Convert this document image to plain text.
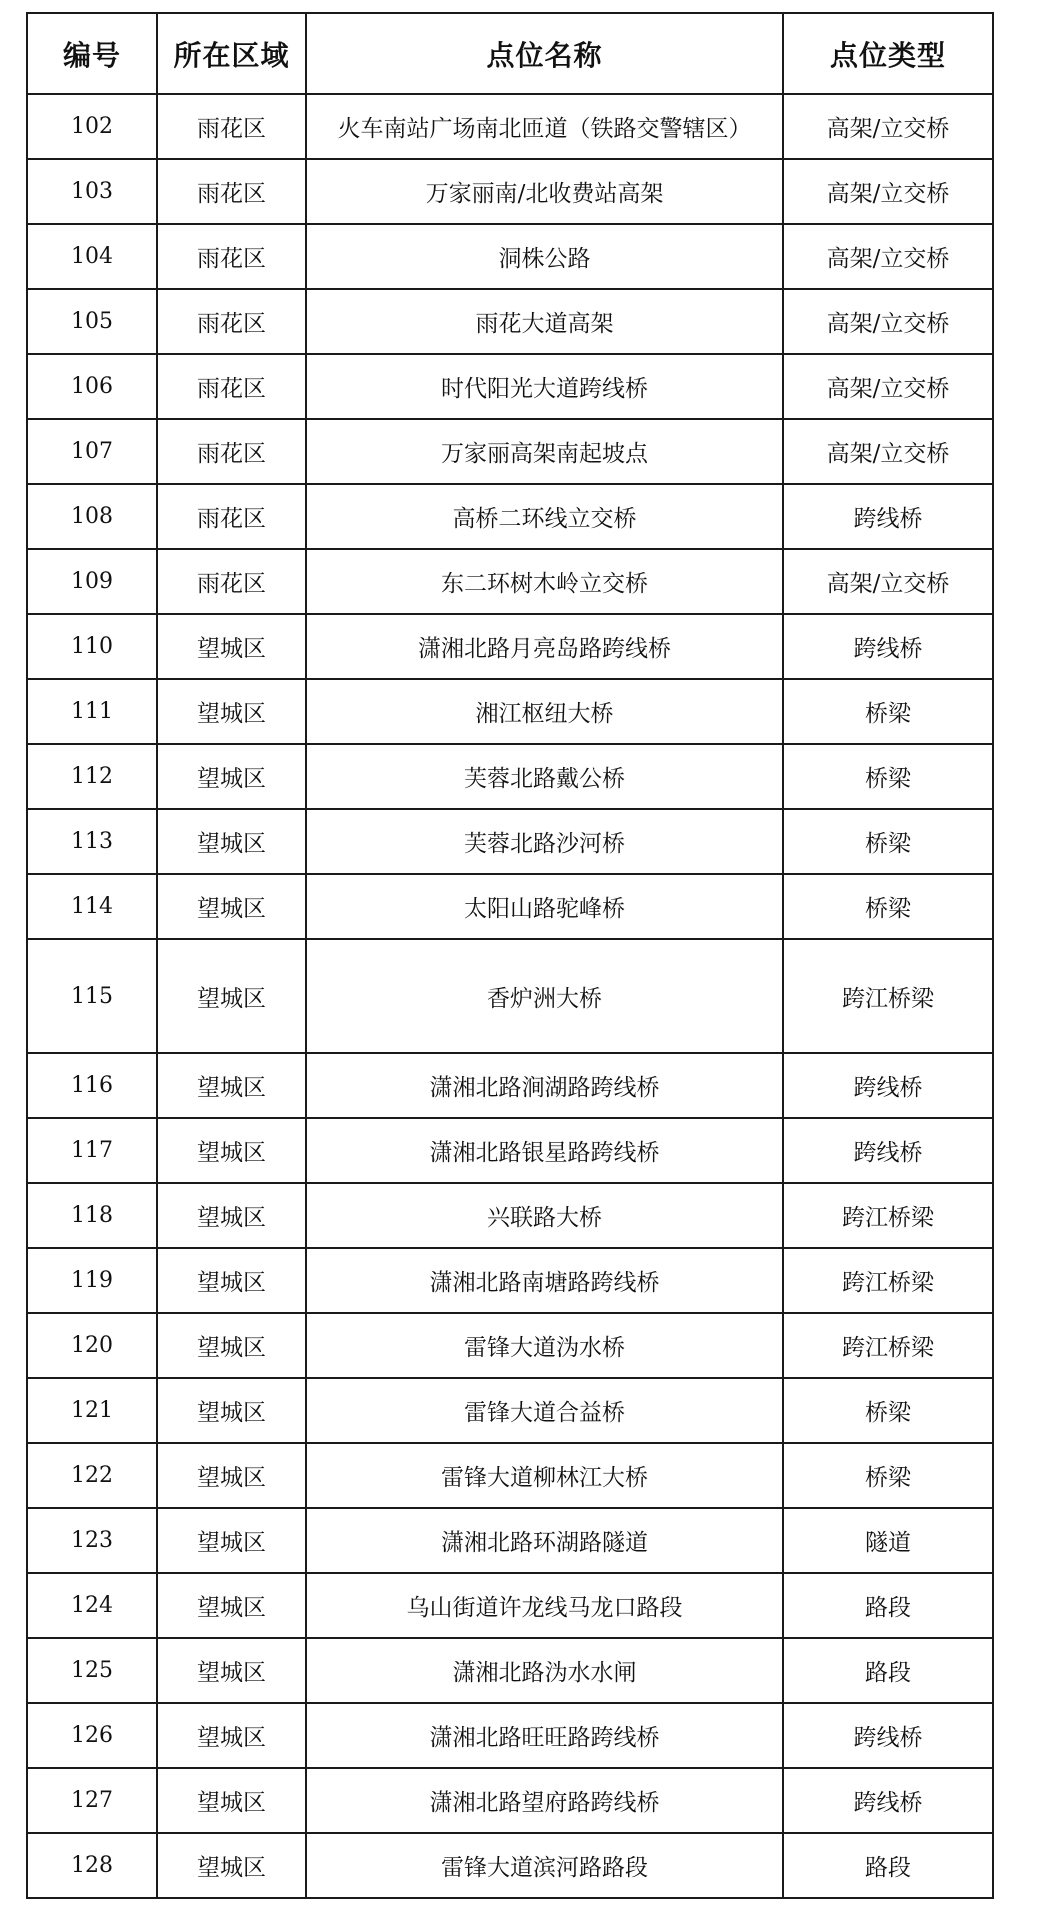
编号	所在区域	点位名称	点位类型
102	雨花区	火车南站广场南北匝道（铁路交警辖区）	高架/立交桥
103	雨花区	万家丽南/北收费站高架	高架/立交桥
104	雨花区	洞株公路	高架/立交桥
105	雨花区	雨花大道高架	高架/立交桥
106	雨花区	时代阳光大道跨线桥	高架/立交桥
107	雨花区	万家丽高架南起坡点	高架/立交桥
108	雨花区	高桥二环线立交桥	跨线桥
109	雨花区	东二环树木岭立交桥	高架/立交桥
110	望城区	潇湘北路月亮岛路跨线桥	跨线桥
111	望城区	湘江枢纽大桥	桥梁
112	望城区	芙蓉北路戴公桥	桥梁
113	望城区	芙蓉北路沙河桥	桥梁
114	望城区	太阳山路驼峰桥	桥梁
115	望城区	香炉洲大桥	跨江桥梁
116	望城区	潇湘北路涧湖路跨线桥	跨线桥
117	望城区	潇湘北路银星路跨线桥	跨线桥
118	望城区	兴联路大桥	跨江桥梁
119	望城区	潇湘北路南塘路跨线桥	跨江桥梁
120	望城区	雷锋大道沩水桥	跨江桥梁
121	望城区	雷锋大道合益桥	桥梁
122	望城区	雷锋大道柳林江大桥	桥梁
123	望城区	潇湘北路环湖路隧道	隧道
124	望城区	乌山街道许龙线马龙口路段	路段
125	望城区	潇湘北路沩水水闸	路段
126	望城区	潇湘北路旺旺路跨线桥	跨线桥
127	望城区	潇湘北路望府路跨线桥	跨线桥
128	望城区	雷锋大道滨河路路段	路段
